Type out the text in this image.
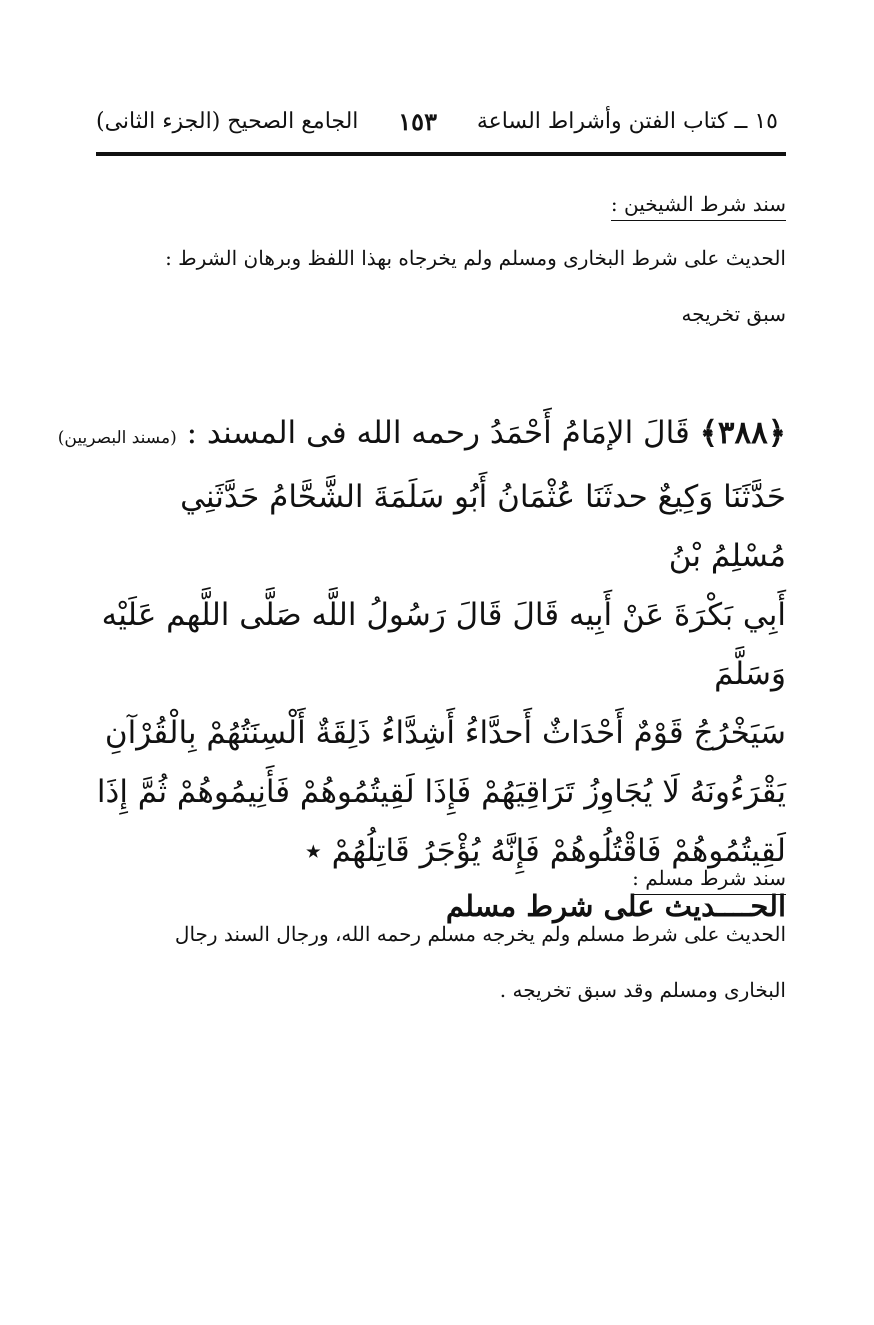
١٥ ــ كتاب الفتن وأشراط الساعة
١٥٣
الجامع الصحيح (الجزء الثانى)
سند شرط الشيخين :
الحديث على شرط البخارى ومسلم ولم يخرجاه بهذا اللفظ وبرهان الشرط :
سبق تخريجه
﴿٣٨٨﴾ قَالَ الإمَامُ أَحْمَدُ رحمه الله فى المسند : (مسند البصريين)
حَدَّثَنَا وَكِيعٌ حدثَنَا عُثْمَانُ أَبُو سَلَمَةَ الشَّحَّامُ حَدَّثَنِي مُسْلِمُ بْنُ
أَبِي بَكْرَةَ عَنْ أَبِيه قَالَ قَالَ رَسُولُ اللَّه صَلَّى اللَّهم عَلَيْه وَسَلَّمَ
سَيَخْرُجُ قَوْمٌ أَحْدَاثٌ أَحدَّاءُ أَشِدَّاءُ ذَلِقَةٌ أَلْسِنَتُهُمْ بِالْقُرْآنِ
يَقْرَءُونَهُ لَا يُجَاوِزُ تَرَاقِيَهُمْ فَإِذَا لَقِيتُمُوهُمْ فَأَنِيمُوهُمْ ثُمَّ إِذَا
لَقِيتُمُوهُمْ فَاقْتُلُوهُمْ فَإِنَّهُ يُؤْجَرُ قَاتِلُهُمْ ٭
الحــــديث على شرط مسلم
سند شرط مسلم :
الحديث على شرط مسلم ولم يخرجه مسلم رحمه الله، ورجال السند رجال
البخارى ومسلم وقد سبق تخريجه .
